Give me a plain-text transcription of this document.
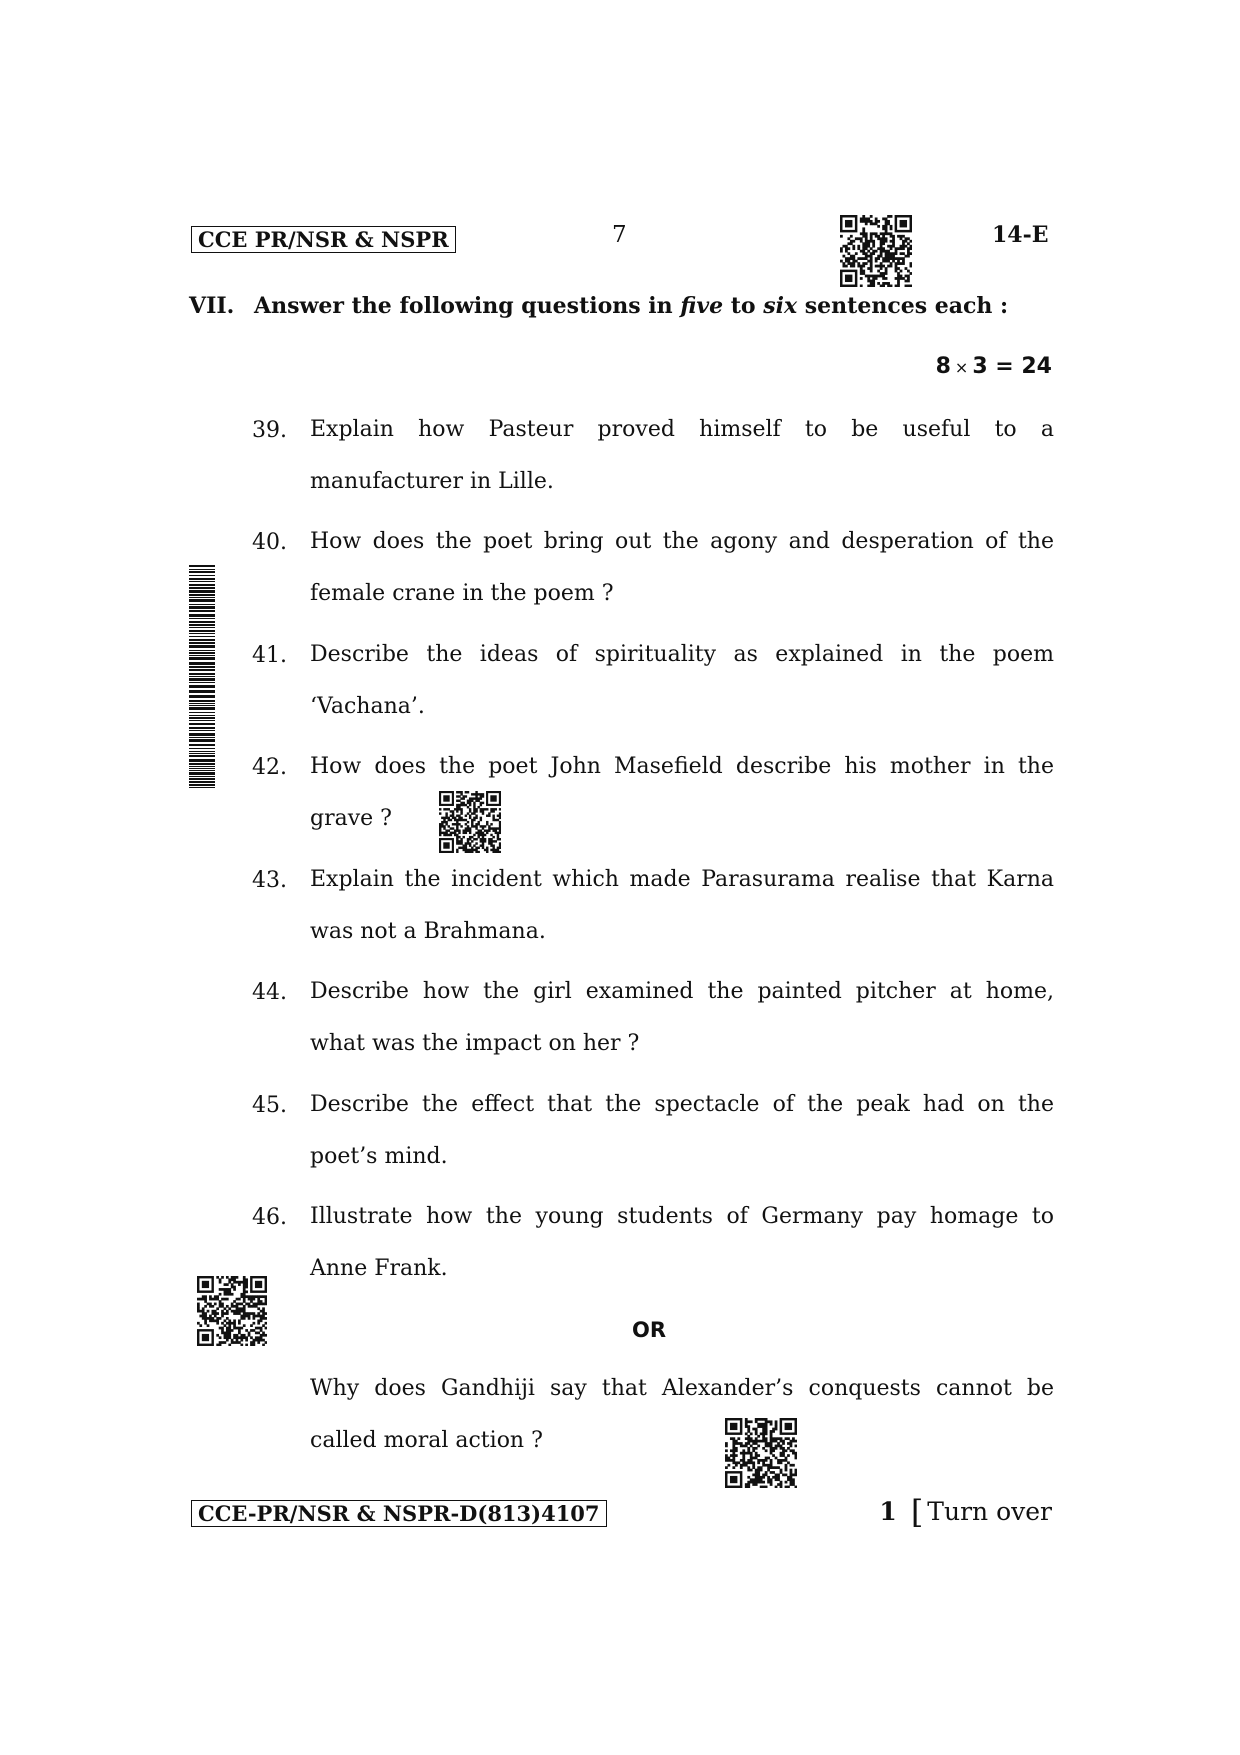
CCE PR/NSR & NSPR	7	14-E
VII. Answer the following questions in five to six sentences each :
8 × 3 = 24
39. Explain how Pasteur proved himself to be useful to a
manufacturer in Lille.
40. How does the poet bring out the agony and desperation of the
female crane in the poem ?
41. Describe the ideas of spirituality as explained in the poem
‘Vachana’.
42. How does the poet John Masefield describe his mother in the
grave ?
43. Explain the incident which made Parasurama realise that Karna
was not a Brahmana.
44. Describe how the girl examined the painted pitcher at home,
what was the impact on her ?
45. Describe the effect that the spectacle of the peak had on the
poet’s mind.
46. Illustrate how the young students of Germany pay homage to
Anne Frank.
OR
Why does Gandhiji say that Alexander’s conquests cannot be
called moral action ?
CCE-PR/NSR & NSPR-D(813)4107	1 [ Turn over
